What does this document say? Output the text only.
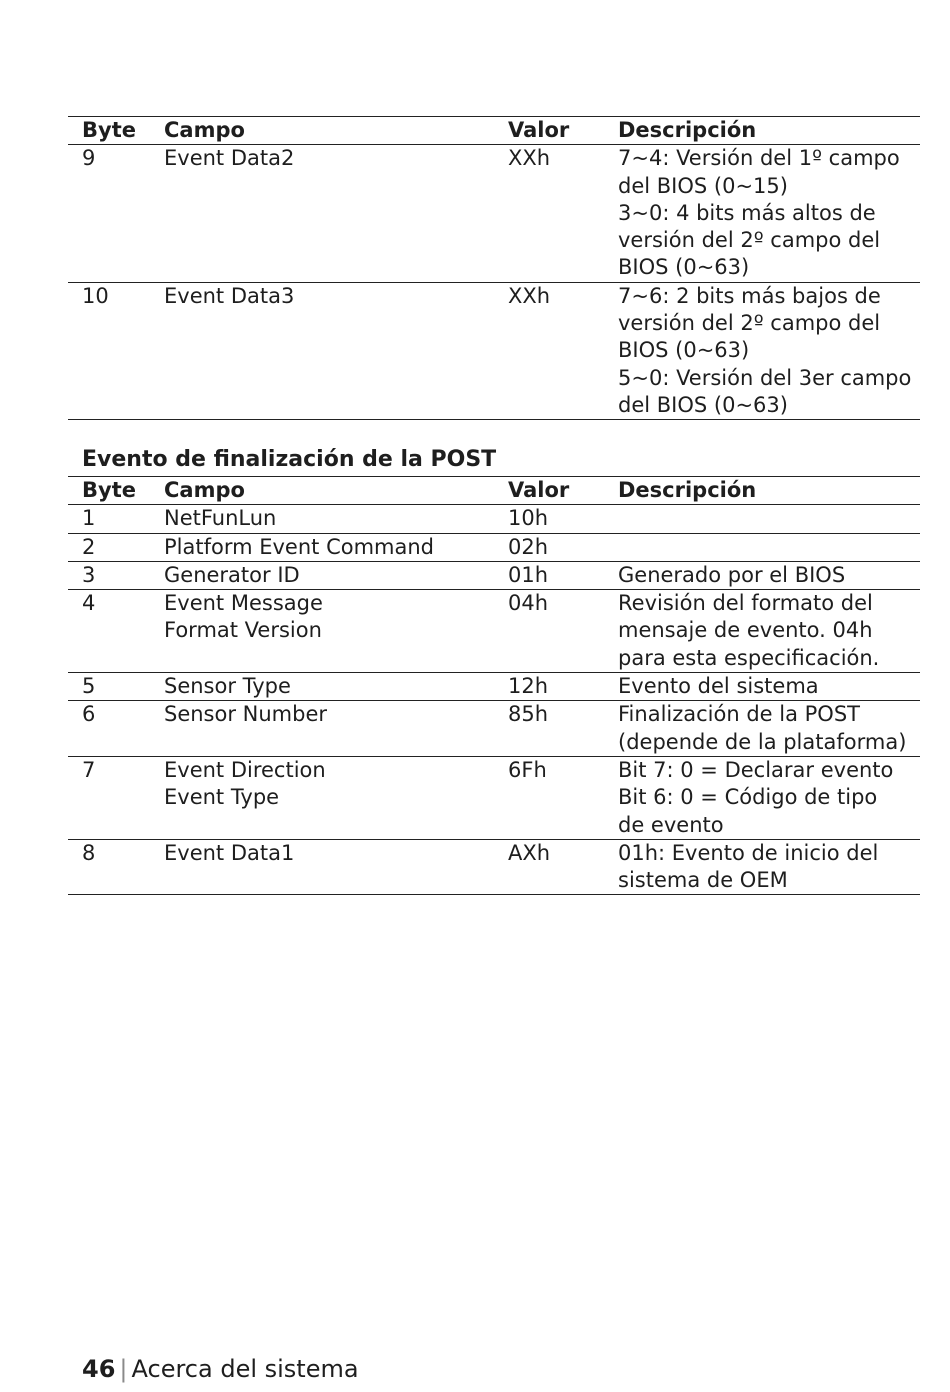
Byte	Campo	Valor	Descripción
9	Event Data2	XXh	7~4: Versión del 1º campo
del BIOS (0~15)
3~0: 4 bits más altos de
versión del 2º campo del
BIOS (0~63)
10	Event Data3	XXh	7~6: 2 bits más bajos de
versión del 2º campo del
BIOS (0~63)
5~0: Versión del 3er campo
del BIOS (0~63)
Evento de finalización de la POST
Byte	Campo	Valor	Descripción
1	NetFunLun	10h	
2	Platform Event Command	02h	
3	Generator ID	01h	Generado por el BIOS
4	Event Message
Format Version	04h	Revisión del formato del
mensaje de evento. 04h
para esta especificación.
5	Sensor Type	12h	Evento del sistema
6	Sensor Number	85h	Finalización de la POST
(depende de la plataforma)
7	Event Direction
Event Type	6Fh	Bit 7: 0 = Declarar evento
Bit 6: 0 = Código de tipo
de evento
8	Event Data1	AXh	01h: Evento de inicio del
sistema de OEM
46 | Acerca del sistema
